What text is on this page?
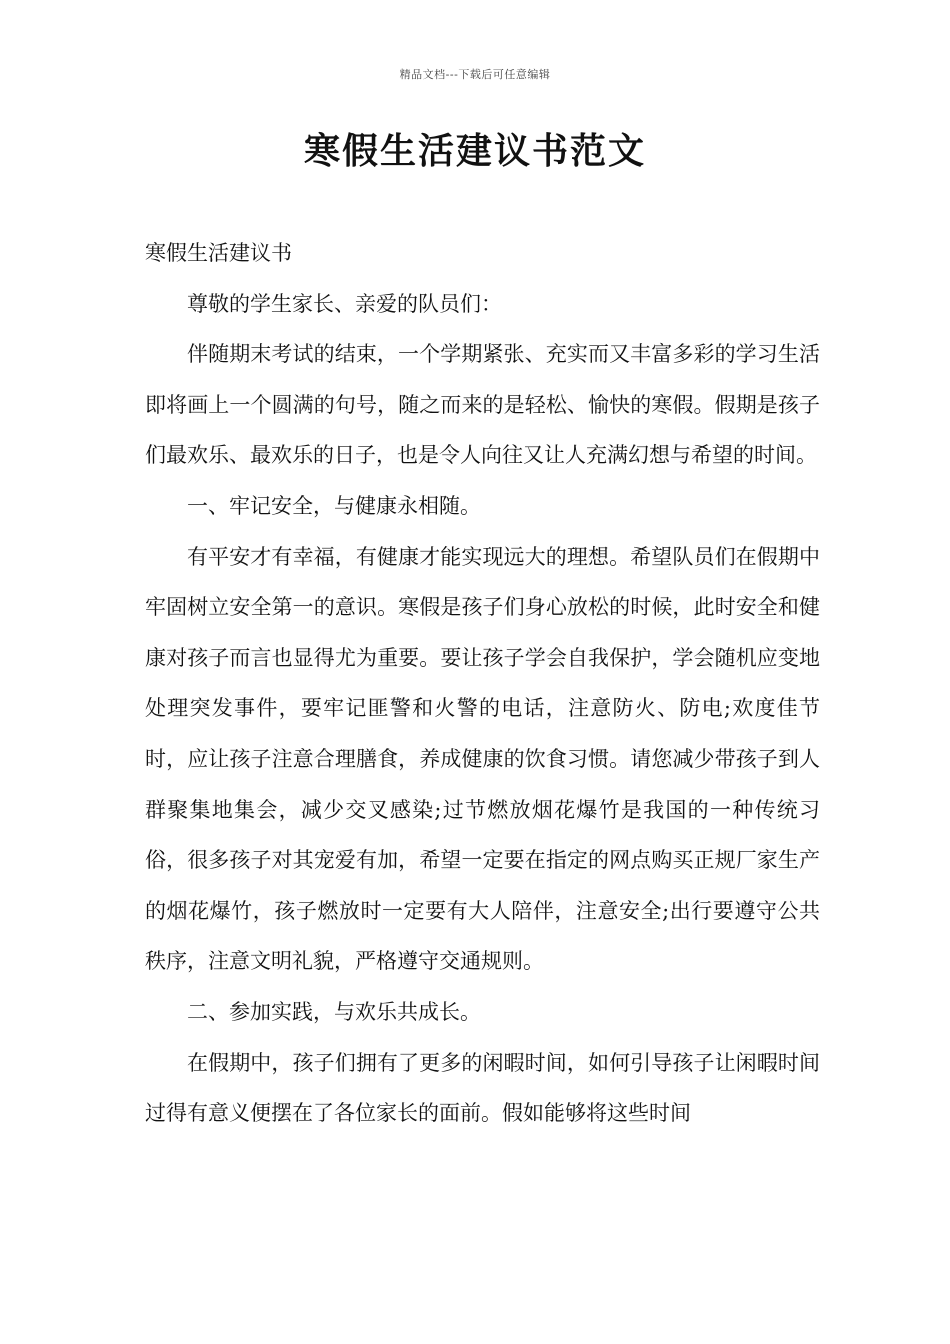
精品文档---下载后可任意编辑
寒假生活建议书范文

寒假生活建议书

尊敬的学生家长、亲爱的队员们：

伴随期末考试的结束，一个学期紧张、充实而又丰富多彩的学习生活即将画上一个圆满的句号，随之而来的是轻松、愉快的寒假。假期是孩子们最欢乐、最欢乐的日子，也是令人向往又让人充满幻想与希望的时间。

一、牢记安全，与健康永相随。

有平安才有幸福，有健康才能实现远大的理想。希望队员们在假期中牢固树立安全第一的意识。寒假是孩子们身心放松的时候，此时安全和健康对孩子而言也显得尤为重要。要让孩子学会自我保护，学会随机应变地处理突发事件，要牢记匪警和火警的电话，注意防火、防电;欢度佳节时，应让孩子注意合理膳食，养成健康的饮食习惯。请您减少带孩子到人群聚集地集会，减少交叉感染;过节燃放烟花爆竹是我国的一种传统习俗，很多孩子对其宠爱有加，希望一定要在指定的网点购买正规厂家生产的烟花爆竹，孩子燃放时一定要有大人陪伴，注意安全;出行要遵守公共秩序，注意文明礼貌，严格遵守交通规则。

二、参加实践，与欢乐共成长。

在假期中，孩子们拥有了更多的闲暇时间，如何引导孩子让闲暇时间过得有意义便摆在了各位家长的面前。假如能够将这些时间
